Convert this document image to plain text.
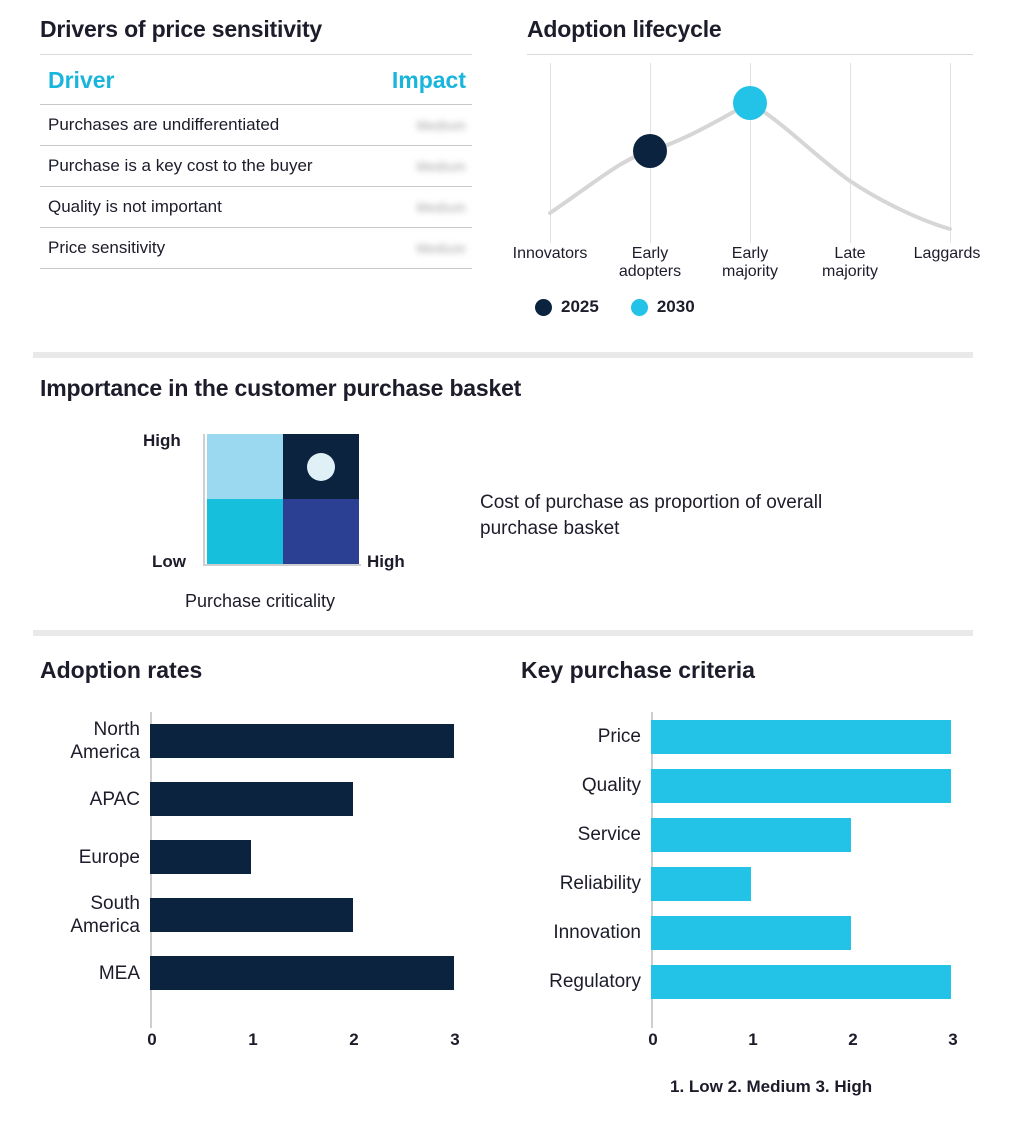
Drivers of price sensitivity
Driver	Impact
Purchases are undifferentiated	Medium
Purchase is a key cost to the buyer	Medium
Quality is not important	Medium
Price sensitivity	Medium
Adoption lifecycle
Innovators	Early
adopters
Early
majority
Late
majority
Laggards
2025	2030
Importance in the customer purchase basket
High
Low	High
Purchase criticality
Cost of purchase as proportion of overall purchase basket
Adoption rates
North
America
APAC
Europe
South
America
MEA
0	1	2	3
Key purchase criteria
Price
Quality
Service
Reliability
Innovation
Regulatory
0	1	2	3
1. Low 2. Medium 3. High
